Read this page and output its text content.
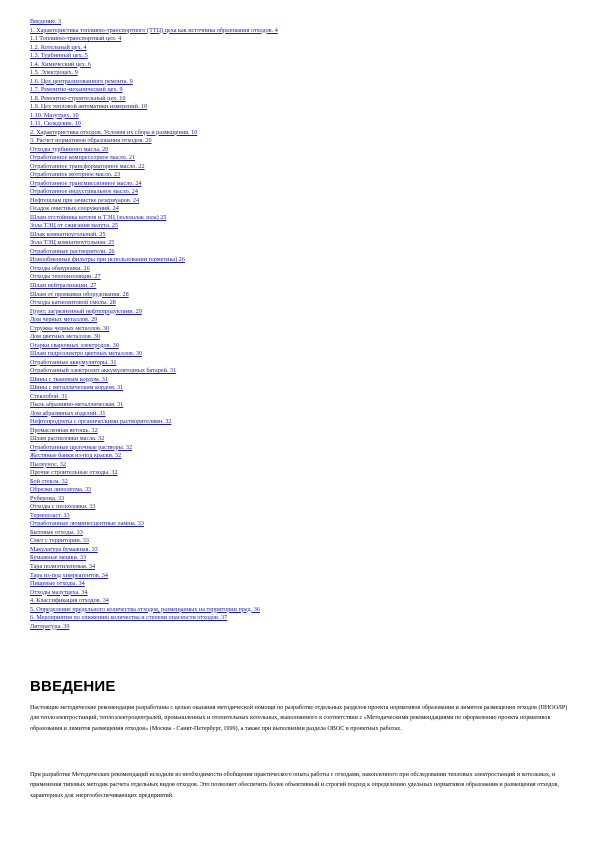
Введение. 3
1. Характеристика топливно-транспортного (ТТЦ) цеха как источника образования отходов. 4
1.1 Топливно-транспортный цех. 4
1.2. Котельный цех. 4
1.3. Турбинный цех. 5
1.4. Химический цех. 6
1.5. Электроцех. 9
1.6. Цех централизованного ремонта. 9
1.7. Ремонтно-механический цех. 9
1.8. Ремонтно-строительный цех. 10
1.9. Цех тепловой автоматики измерений. 10
1.10. Мазутцех. 10
1.11. Складские. 10
2. Характеристика отходов. Условия их сбора и размещения. 10
3. Расчет нормативов образования отходов. 20
Отходы турбинного масла. 20
Отработанное компрессорное масло. 21
Отработанное трансформаторное масло. 22
Отработанное моторное масло. 23
Отработанное трансмиссионное масло. 24
Отработанное индустриальное масло. 24
Нефтешлам при зачистке резервуаров. 24
Осадок очистных сооружений. 24
Шлам отстойника котлов и ТЭЦ (золошлак зола) 25
Зола ТЭЦ от сжигания мазута. 25
Шлак комнатноугольный. 25
Зола ТЭЦ комнатноугольная. 25
Отработанные растворители. 26
Ионообменные фильтры при использовании герметика) 26
Отходы обмуровки. 26
Отходы теплоизоляции. 27
Шлам нейтрализации. 27
Шлам от промывки оборудования. 28
Отходы катионитовой смолы. 28
Грунт, загрязненный нефтепродуктами. 29
Лом черных металлов. 29
Стружка черных металлов. 30
Лом цветных металлов. 30
Огарки сварочных электродов. 30
Шлам гидроэлектро цветных металлов. 30
Отработанные аккумуляторы. 31
Отработанный электролит аккумуляторных батарей. 31
Шины с тканевым кордом. 31
Шины с металлическим кордом. 31
Стеклобой. 31
Пыль абразивно-металлическая. 31
Лом абразивных изделий. 31
Нефтепродукты с органическими растворителями. 32
Промасленная ветошь. 32
Шлам распиловки масла. 32
Отработанные щелочные растворы. 32
Жестяные банки из-под краски. 32
Пылеунос. 32
Прочие строительные отходы. 32
Бой стекла. 32
Обрезки линолеума. 33
Рубероид. 33
Отходы с песколовки. 33
Термопласт. 33
Отработанные люминесцентные лампы. 33
Бытовые отходы. 33
Смет с территории. 33
Макулатура бумажная. 33
Бумажные мешки. 33
Тара полиэтиленовая. 34
Тара из-под химреагентов. 34
Пищевые отходы. 34
Отходы мазутцеха. 34
4. Классификация отходов. 34
5. Определение предельного количества отходов, размещаемых на территории пред. 36
6. Мероприятия по снижению количества и степени опасности отходов. 37
Литература. 39
ВВЕДЕНИЕ

Настоящие методические рекомендации разработаны с целью оказания методической помощи по разработке отдельных разделов проекта нормативов образования и лимитов размещения отходов (ПНООЛР) для теплоэлектростанций, теплоэлектроцентралей, промышленных и отопительных котельных, выполняемого в соответствии с «Методическими рекомендациями по оформлению проекта нормативов образования и лимитов размещения отходов» (Москва - Санкт-Петербург, 1999), а также при выполнении раздела ОВОС в проектных работах.

При разработке Методических рекомендаций исходили из необходимости обобщения практического опыта работы с отходами, накопленного при обследовании тепловых электростанций и котельных, и применения типовых методик расчета отдельных видов отходов. Это позволяет обеспечить более объективный и строгий подход к определению удельных нормативов образования и размещения отходов, характерных для энергообеспечивающих предприятий.
